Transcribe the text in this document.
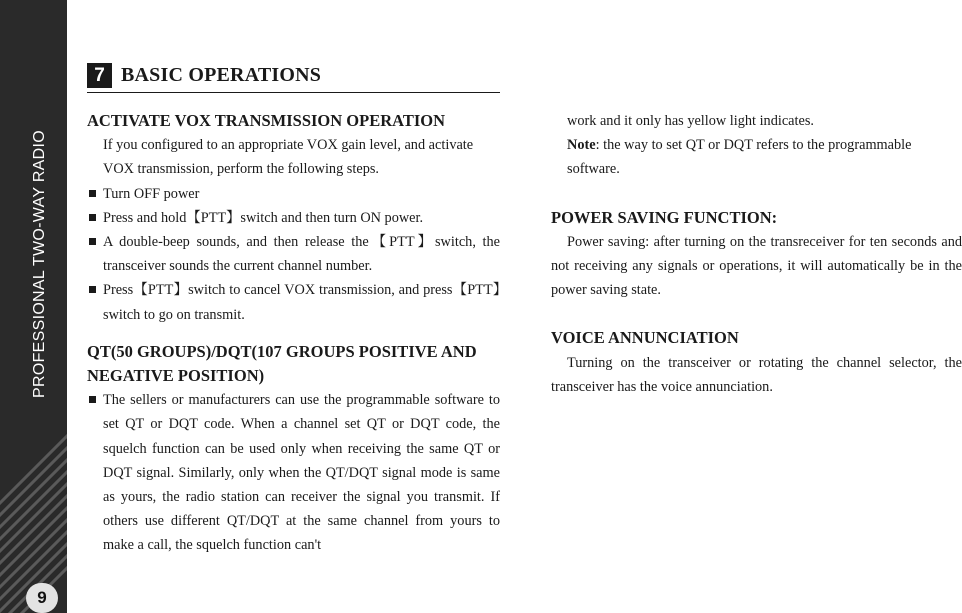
PROFESSIONAL TWO-WAY RADIO
9
7 BASIC OPERATIONS
ACTIVATE VOX TRANSMISSION OPERATION

If you configured to an appropriate VOX gain level, and activate VOX transmission, perform the following steps.

Turn OFF power
Press and hold【PTT】switch and then turn ON power.
A double-beep sounds, and then release the【PTT】switch, the transceiver sounds the current channel number.
Press【PTT】switch to cancel VOX transmission, and press【PTT】switch to go on transmit.
QT(50 GROUPS)/DQT(107 GROUPS POSITIVE AND NEGATIVE POSITION)
The sellers or manufacturers can use the programmable software to set QT or DQT code. When a channel set QT or DQT code, the squelch function can be used only when receiving the same QT or DQT signal. Similarly, only when the QT/DQT signal mode is same as yours, the radio station can receiver the signal you transmit. If others use different QT/DQT at the same channel from yours to make a call, the squelch function can't

work and it only has yellow light indicates.

Note: the way to set QT or DQT refers to the programmable software.

POWER SAVING FUNCTION:

Power saving: after turning on the transreceiver for ten seconds and not receiving any signals or operations, it will automatically be in the power saving state.

VOICE ANNUNCIATION

Turning on the transceiver or rotating the channel selector, the transceiver has the voice annunciation.
